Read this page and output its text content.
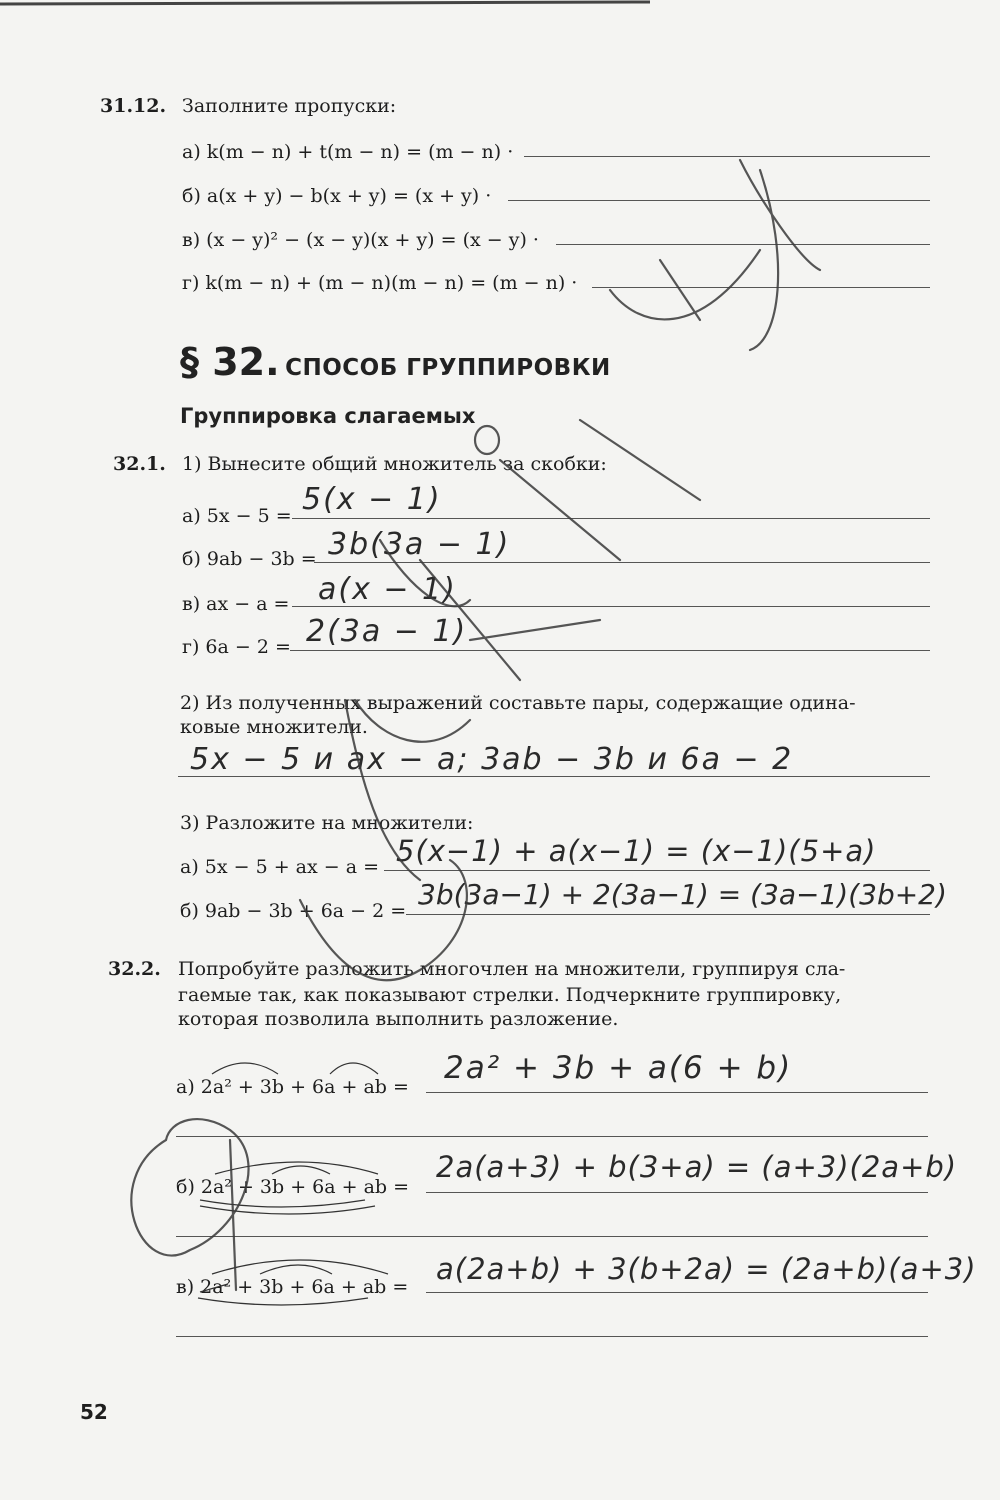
31.12. Заполните пропуски:
а) k(m − n) + t(m − n) = (m − n) ·
б) a(x + y) − b(x + y) = (x + y) ·
в) (x − y)² − (x − y)(x + y) = (x − y) ·
г) k(m − n) + (m − n)(m − n) = (m − n) ·
§ 32. СПОСОБ ГРУППИРОВКИ
Группировка слагаемых
32.1. 1) Вынесите общий множитель за скобки:
а) 5x − 5 = 5(x − 1)
б) 9ab − 3b = 3b(3a − 1)
в) ax − a = a(x − 1)
г) 6a − 2 = 2(3a − 1)
2) Из полученных выражений составьте пары, содержащие одина-
ковые множители.
5x − 5 и ax − a; 3ab − 3b и 6a − 2
3) Разложите на множители:
а) 5x − 5 + ax − a = 5(x−1) + a(x−1) = (x−1)(5+a)
б) 9ab − 3b + 6a − 2 = 3b(3a−1) + 2(3a−1) = (3a−1)(3b+2)
32.2. Попробуйте разложить многочлен на множители, группируя сла-
гаемые так, как показывают стрелки. Подчеркните группировку,
которая позволила выполнить разложение.
а) 2a² + 3b + 6a + ab =
2a² + 3b + a(6 + b)
б) 2a² + 3b + 6a + ab =
2a(a+3) + b(3+a) = (a+3)(2a+b)
в) 2a² + 3b + 6a + ab =
a(2a+b) + 3(b+2a) = (2a+b)(a+3)
52
